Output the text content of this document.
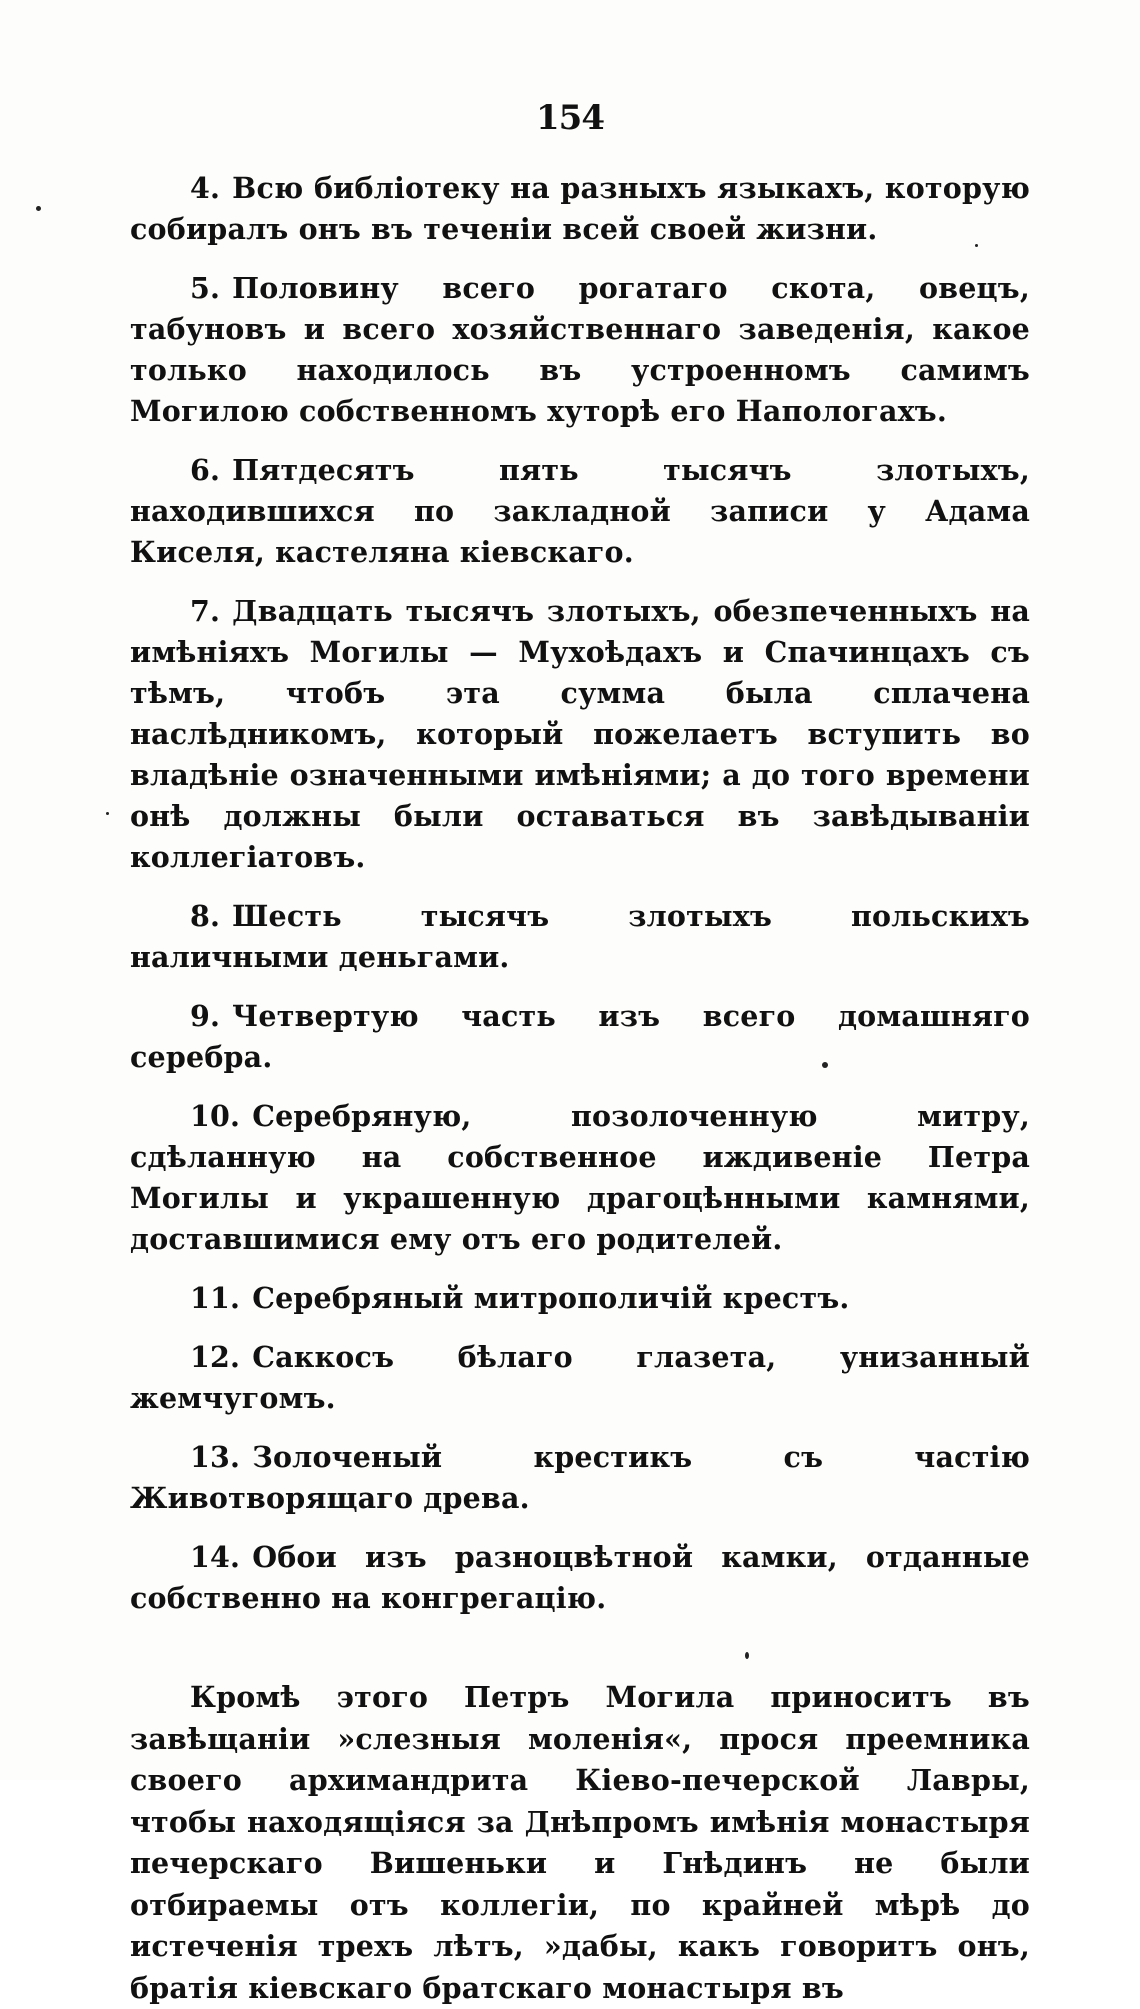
154

4. Всю библіотеку на разныхъ языкахъ, которую собиралъ онъ въ теченіи всей своей жизни.

5. Половину всего рогатаго скота, овецъ, табуновъ и всего хозяйственнаго заведенія, какое только находилось въ устроенномъ самимъ Могилою собственномъ хуторѣ его Напологахъ.

6. Пятдесятъ пять тысячъ злотыхъ, находившихся по закладной записи у Адама Киселя, кастеляна кіевскаго.

7. Двадцать тысячъ злотыхъ, обезпеченныхъ на имѣніяхъ Могилы — Мухоѣдахъ и Спачинцахъ съ тѣмъ, чтобъ эта сумма была сплачена наслѣдникомъ, который пожелаетъ вступить во владѣніе означенными имѣніями; а до того времени онѣ должны были оставаться въ завѣдываніи коллегіатовъ.

8. Шесть тысячъ злотыхъ польскихъ наличными деньгами.

9. Четвертую часть изъ всего домашняго серебра.

10. Серебряную, позолоченную митру, сдѣланную на собственное иждивеніе Петра Могилы и украшенную драгоцѣнными камнями, доставшимися ему отъ его родителей.

11. Серебряный митрополичій крестъ.

12. Саккосъ бѣлаго глазета, унизанный жемчугомъ.

13. Золоченый крестикъ съ частію Животворящаго древа.

14. Обои изъ разноцвѣтной камки, отданные собственно на конгрегацію.

Кромѣ этого Петръ Могила приноситъ въ завѣщаніи »слезныя моленія«, прося преемника своего архимандрита Кіево-печерской Лавры, чтобы находящіяся за Днѣпромъ имѣнія монастыря печерскаго Вишеньки и Гнѣдинъ не были отбираемы отъ коллегіи, по крайней мѣрѣ до истеченія трехъ лѣтъ, »дабы, какъ говоритъ онъ, братія кіевскаго братскаго монастыря въ
